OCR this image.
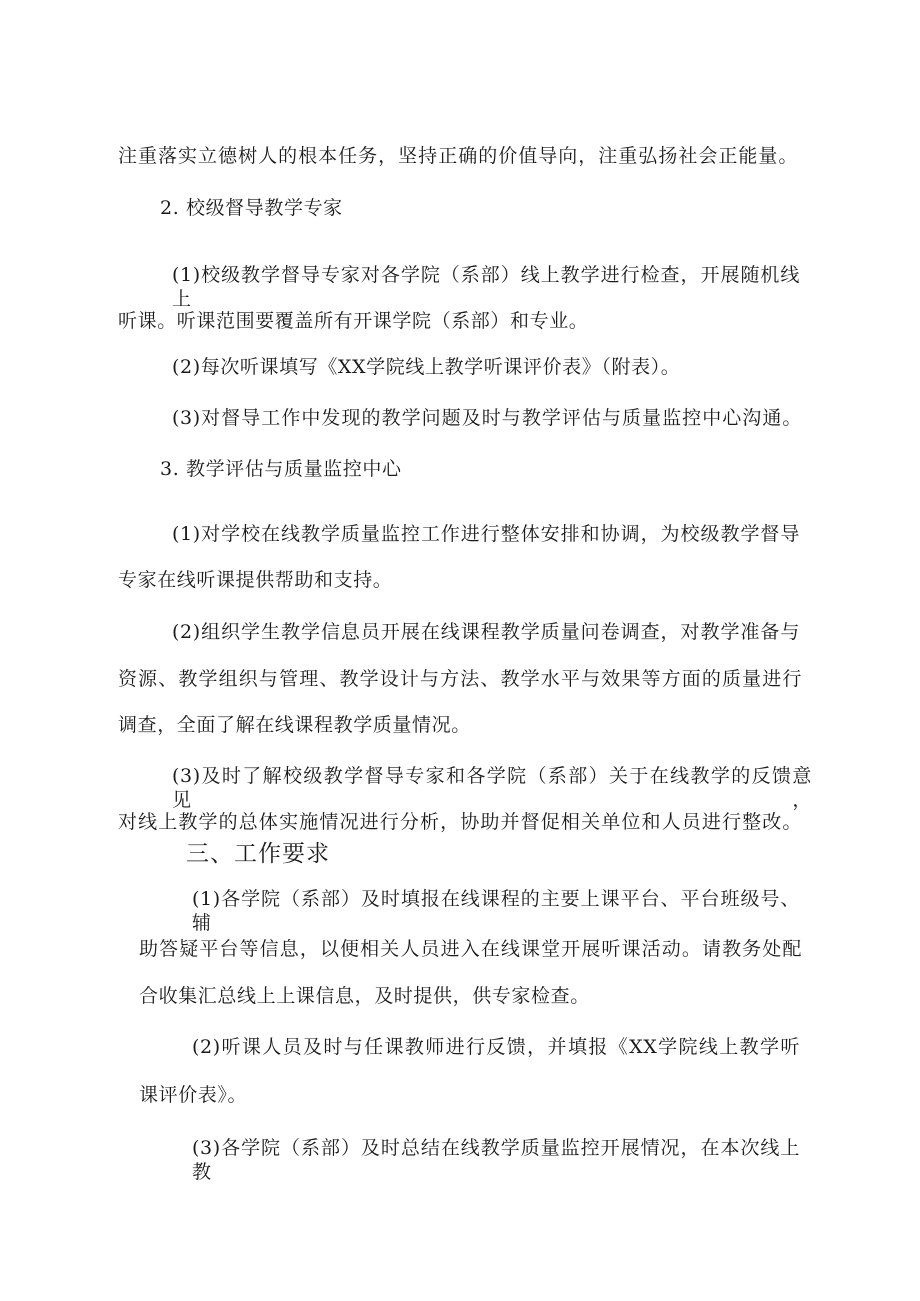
注重落实立德树人的根本任务，坚持正确的价值导向，注重弘扬社会正能量。
2. 校级督导教学专家
(1)校级教学督导专家对各学院（系部）线上教学进行检查，开展随机线上
听课。听课范围要覆盖所有开课学院（系部）和专业。
(2)每次听课填写《XX学院线上教学听课评价表》（附表）。
(3)对督导工作中发现的教学问题及时与教学评估与质量监控中心沟通。
3. 教学评估与质量监控中心
(1)对学校在线教学质量监控工作进行整体安排和协调，为校级教学督导
专家在线听课提供帮助和支持。
(2)组织学生教学信息员开展在线课程教学质量问卷调查，对教学准备与
资源、教学组织与管理、教学设计与方法、教学水平与效果等方面的质量进行
调查，全面了解在线课程教学质量情况。
(3)及时了解校级教学督导专家和各学院（系部）关于在线教学的反馈意见，
对线上教学的总体实施情况进行分析，协助并督促相关单位和人员进行整改。
三、工作要求
(1)各学院（系部）及时填报在线课程的主要上课平台、平台班级号、辅
助答疑平台等信息，以便相关人员进入在线课堂开展听课活动。请教务处配
合收集汇总线上上课信息，及时提供，供专家检查。
(2)听课人员及时与任课教师进行反馈，并填报《XX学院线上教学听
课评价表》。
(3)各学院（系部）及时总结在线教学质量监控开展情况，在本次线上教
